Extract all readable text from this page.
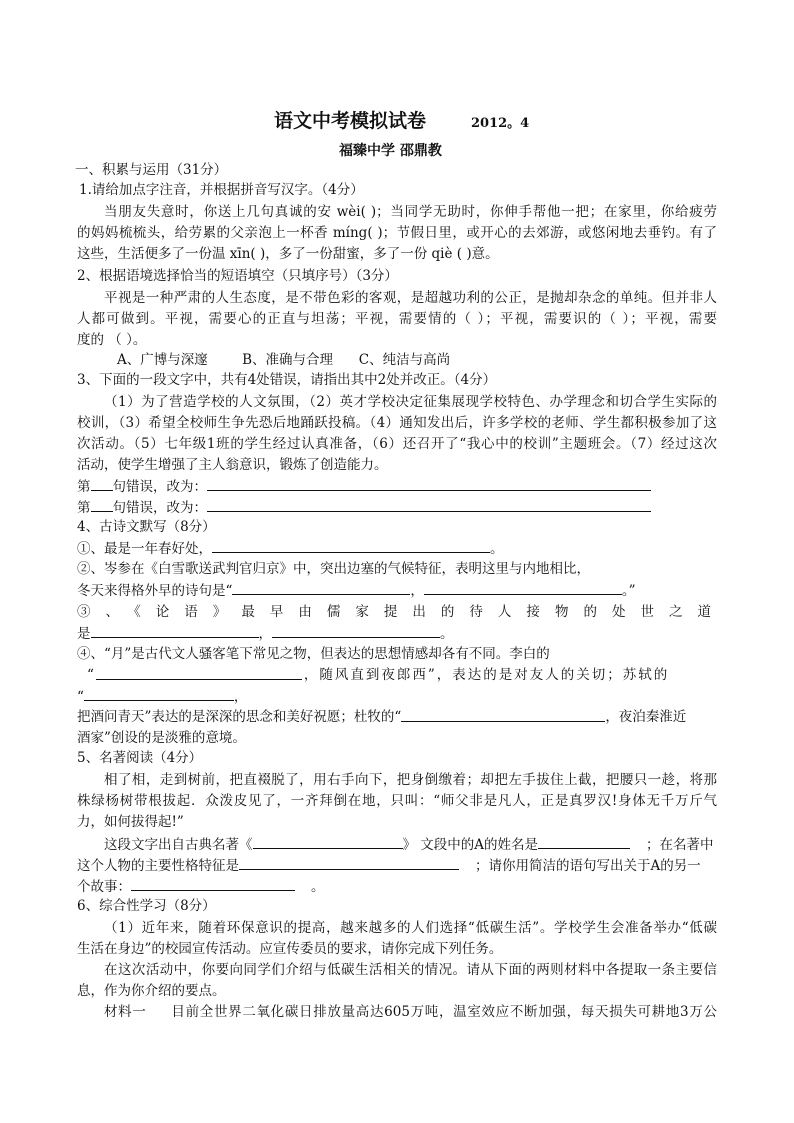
语文中考模拟试卷	2012。4
福臻中学 邵鼎教
一、积累与运用（31分）
1.请给加点字注音，并根据拼音写汉字。（4分）
当朋友失意时，你送上几句真诚的安 wèi( )；当同学无助时，你伸手帮他一把；在家里，你给疲劳
的妈妈梳梳头，给劳累的父亲泡上一杯香 míng( )；节假日里，或开心的去郊游，或悠闲地去垂钓。有了
这些，生活便多了一份温 xīn( )，多了一份甜蜜，多了一份 qiè ( )意。
2、根据语境选择恰当的短语填空（只填序号）（3分）
平视是一种严肃的人生态度，是不带色彩的客观，是超越功利的公正，是抛却杂念的单纯。但并非人
人都可做到。平视，需要心的正直与坦荡；平视，需要情的（ ）；平视，需要识的（ ）；平视，需要
度的 （ ）。
A、广博与深邃        B、准确与合理      C、纯洁与高尚
3、下面的一段文字中，共有4处错误，请指出其中2处并改正。（4分）
（1）为了营造学校的人文氛围，（2）英才学校决定征集展现学校特色、办学理念和切合学生实际的
校训，（3）希望全校师生争先恐后地踊跃投稿。（4）通知发出后，许多学校的老师、学生都积极参加了这
次活动。（5）七年级1班的学生经过认真准备，（6）还召开了“我心中的校训”主题班会。（7）经过这次
活动，使学生增强了主人翁意识，锻炼了创造能力。
第 句错误，改为：
第 句错误，改为：
4、古诗文默写（8分）
①、最是一年春好处，	。
②、岑参在《白雪歌送武判官归京》中，突出边塞的气候特征，表明这里与内地相比，
冬天来得格外早的诗句是“	，	。”
③、《论语》最早由儒家提出的待人接物的处世之道
是	，	。
④、“月”是古代文人骚客笔下常见之物，但表达的思想情感却各有不同。李白的
“	，随风直到夜郎西”，表达的是对友人的关切；苏轼的
“	，
把酒问青天”表达的是深深的思念和美好祝愿；杜牧的“	，夜泊秦淮近
酒家”创设的是淡雅的意境。
5、名著阅读（4分）
相了相，走到树前，把直裰脱了，用右手向下，把身倒缴着；却把左手拔住上截，把腰只一趁，将那
株绿杨树带根拔起．众泼皮见了，一齐拜倒在地，只叫：“师父非是凡人，正是真罗汉!身体无千万斤气
力，如何拔得起!”
这段文字出自古典名著《	》 文段中的A的姓名是	；在名著中
这个人物的主要性格特征是	；请你用简洁的语句写出关于A的另一
个故事：	。
6、综合性学习（8分）
（1）近年来，随着环保意识的提高，越来越多的人们选择“低碳生活”。学校学生会准备举办“低碳
生活在身边”的校园宣传活动。应宣传委员的要求，请你完成下列任务。
在这次活动中，你要向同学们介绍与低碳生活相关的情况。请从下面的两则材料中各提取一条主要信
息，作为你介绍的要点。
材料一     目前全世界二氧化碳日排放量高达605万吨，温室效应不断加强，每天损失可耕地3万公
